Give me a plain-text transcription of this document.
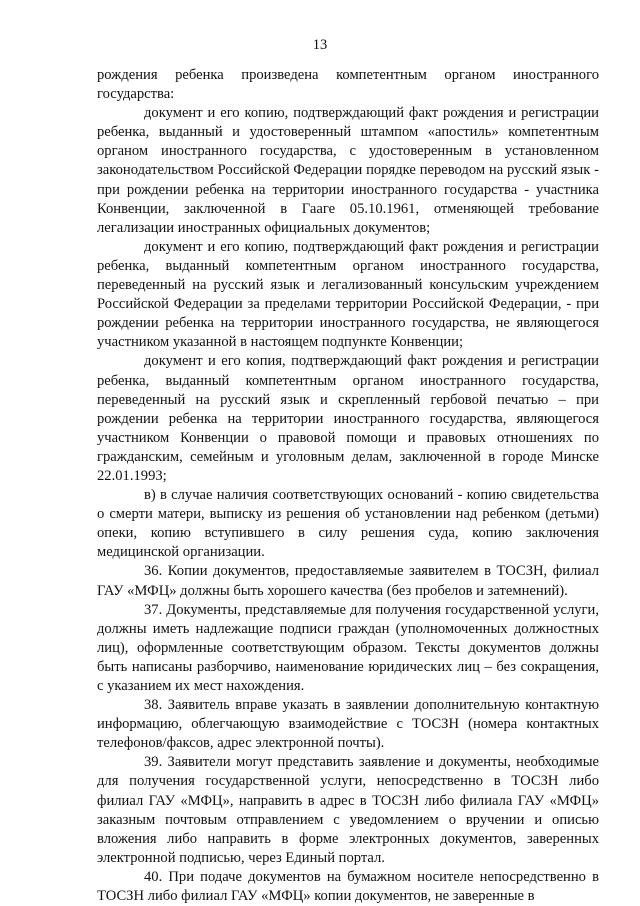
13

рождения ребенка произведена компетентным органом иностранного государства:

документ и его копию, подтверждающий факт рождения и регистрации ребенка, выданный и удостоверенный штампом «апостиль» компетентным органом иностранного государства, с удостоверенным в установленном законодательством Российской Федерации порядке переводом на русский язык - при рождении ребенка на территории иностранного государства - участника Конвенции, заключенной в Гааге 05.10.1961, отменяющей требование легализации иностранных официальных документов;

документ и его копию, подтверждающий факт рождения и регистрации ребенка, выданный компетентным органом иностранного государства, переведенный на русский язык и легализованный консульским учреждением Российской Федерации за пределами территории Российской Федерации, - при рождении ребенка на территории иностранного государства, не являющегося участником указанной в настоящем подпункте Конвенции;

документ и его копия, подтверждающий факт рождения и регистрации ребенка, выданный компетентным органом иностранного государства, переведенный на русский язык и скрепленный гербовой печатью – при рождении ребенка на территории иностранного государства, являющегося участником Конвенции о правовой помощи и правовых отношениях по гражданским, семейным и уголовным делам, заключенной в городе Минске 22.01.1993;

в) в случае наличия соответствующих оснований - копию свидетельства о смерти матери, выписку из решения об установлении над ребенком (детьми) опеки, копию вступившего в силу решения суда, копию заключения медицинской организации.

36. Копии документов, предоставляемые заявителем в ТОСЗН, филиал ГАУ «МФЦ» должны быть хорошего качества (без пробелов и затемнений).

37. Документы, представляемые для получения государственной услуги, должны иметь надлежащие подписи граждан (уполномоченных должностных лиц), оформленные соответствующим образом. Тексты документов должны быть написаны разборчиво, наименование юридических лиц – без сокращения, с указанием их мест нахождения.

38. Заявитель вправе указать в заявлении дополнительную контактную информацию, облегчающую взаимодействие с ТОСЗН (номера контактных телефонов/факсов, адрес электронной почты).

39. Заявители могут представить заявление и документы, необходимые для получения государственной услуги, непосредственно в ТОСЗН либо филиал ГАУ «МФЦ», направить в адрес в ТОСЗН либо филиала ГАУ «МФЦ» заказным почтовым отправлением с уведомлением о вручении и описью вложения либо направить в форме электронных документов, заверенных электронной подписью, через Единый портал.

40. При подаче документов на бумажном носителе непосредственно в ТОСЗН либо филиал ГАУ «МФЦ» копии документов, не заверенные в
